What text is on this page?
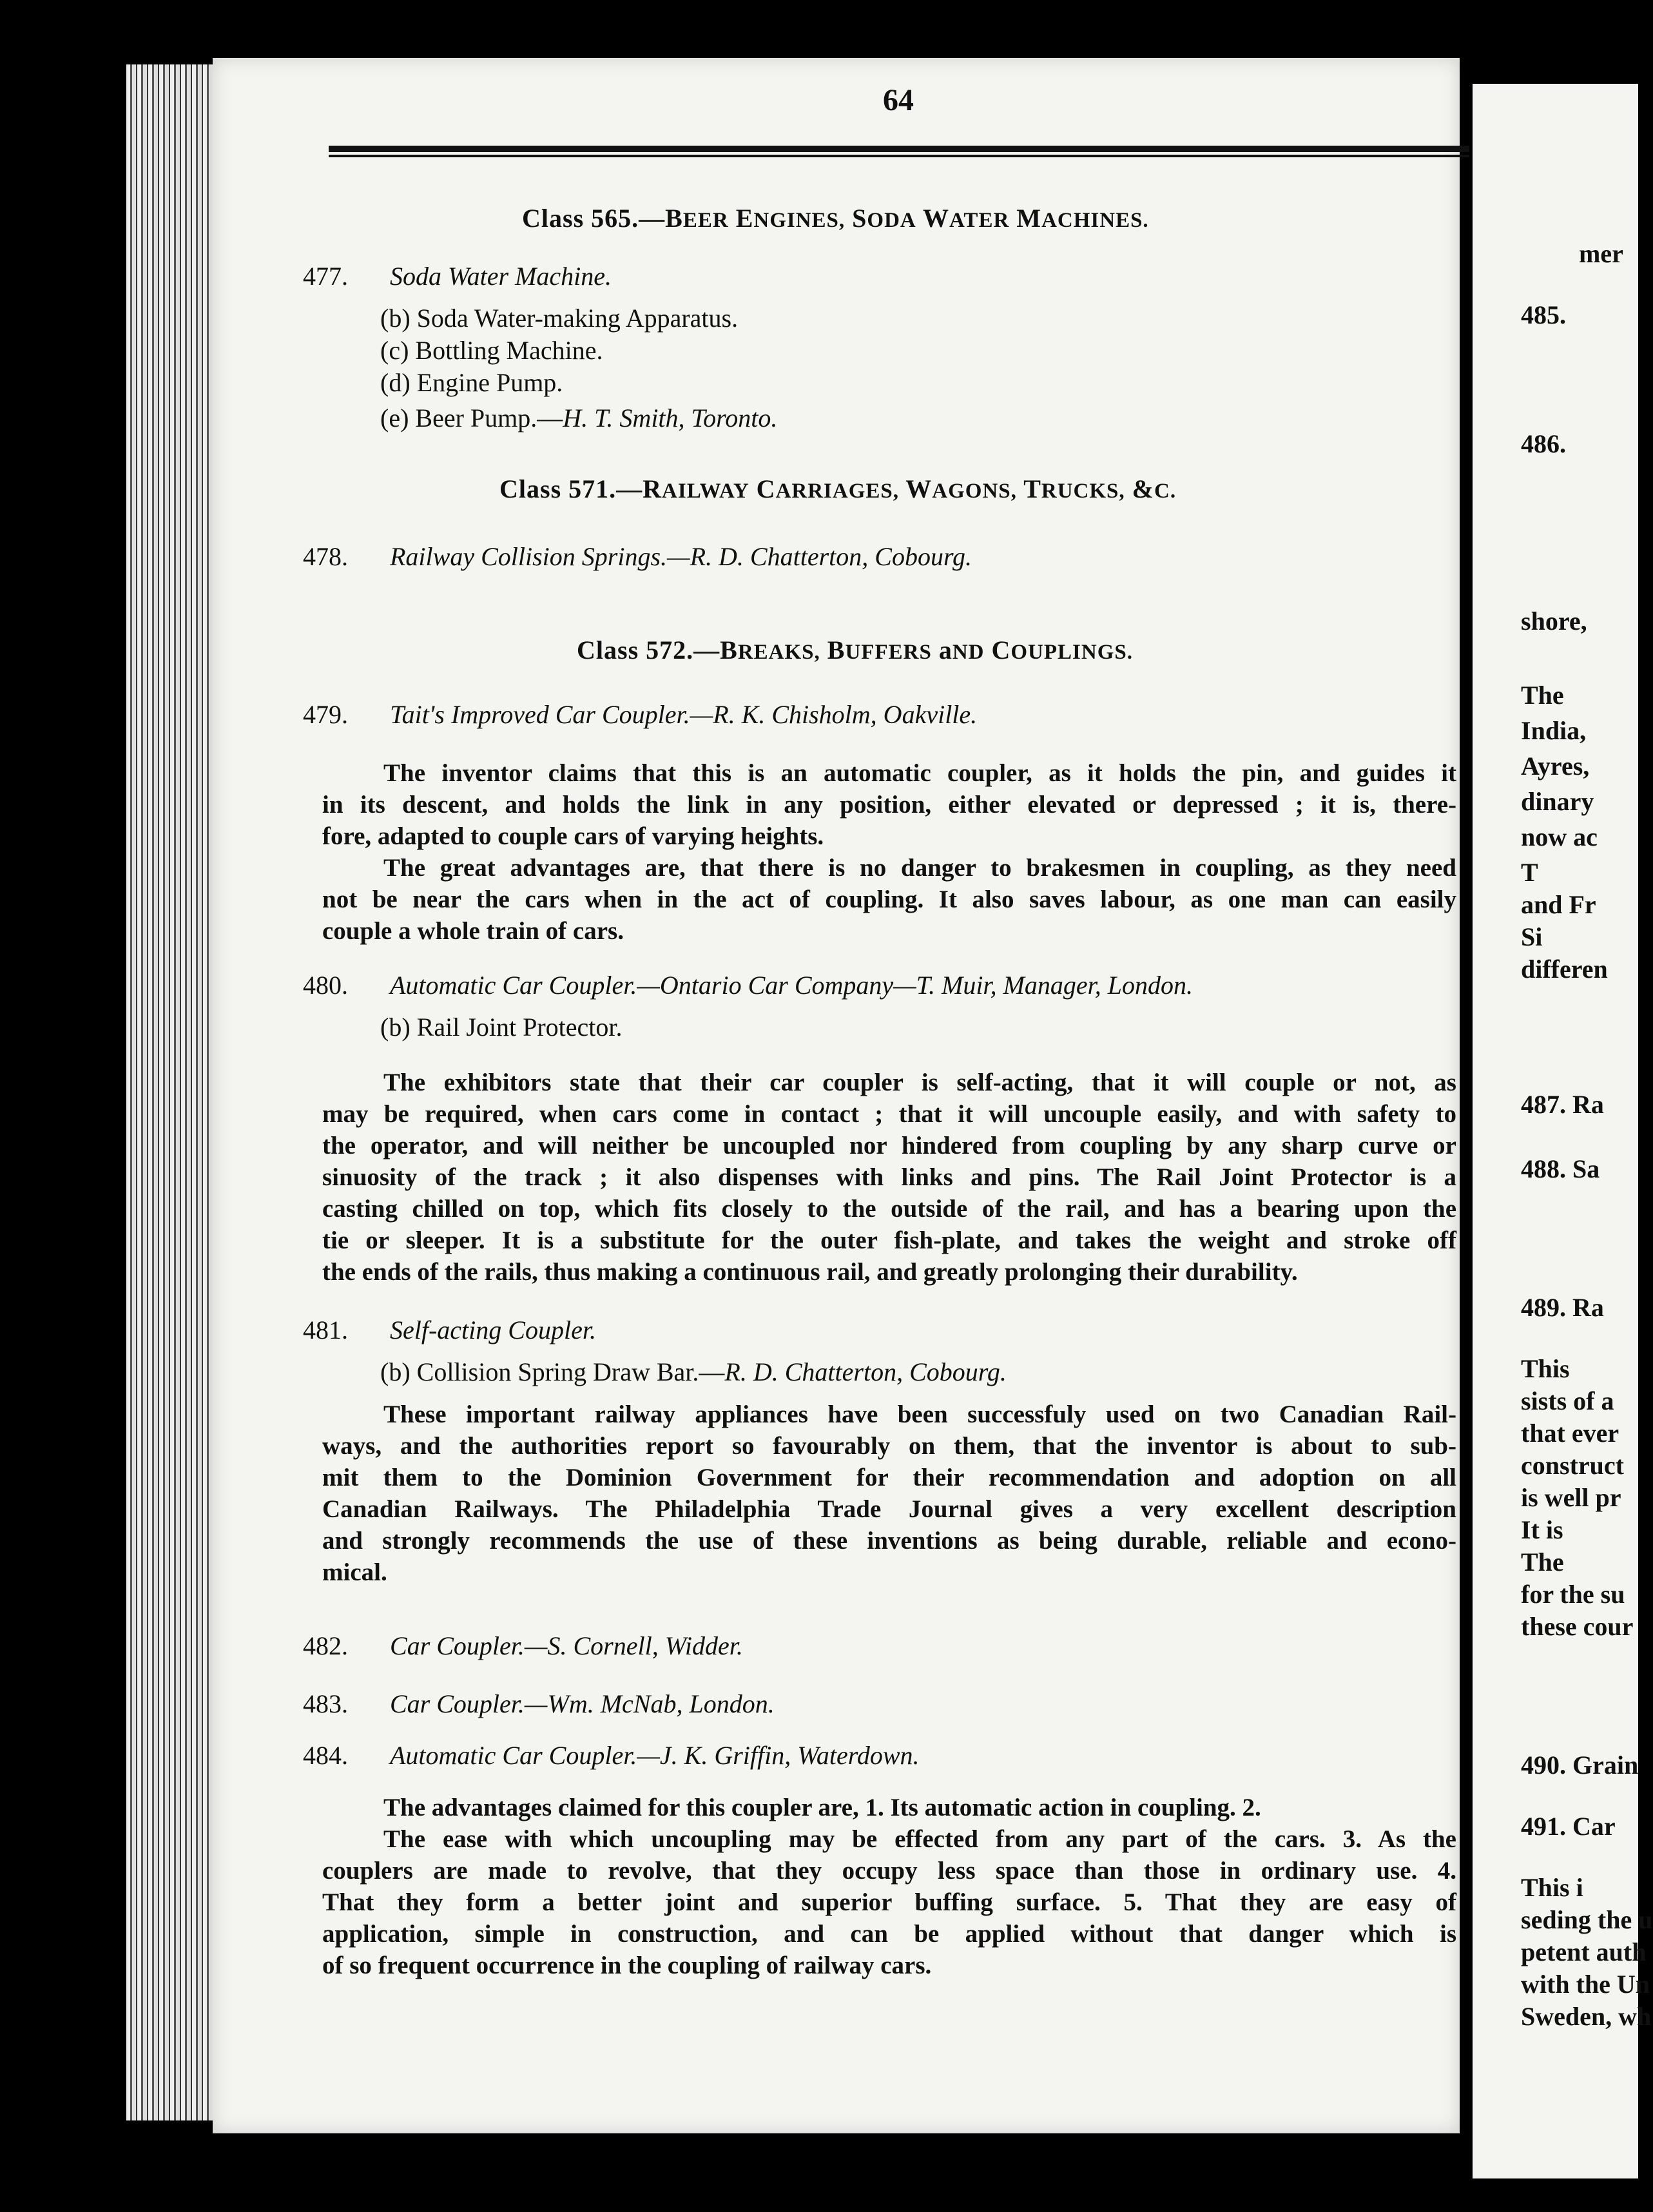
64
Class 565.—BEER ENGINES, SODA WATER MACHINES.
477. Soda Water Machine.
(b) Soda Water-making Apparatus.
(c) Bottling Machine.
(d) Engine Pump.
(e) Beer Pump.—H. T. Smith, Toronto.
Class 571.—RAILWAY CARRIAGES, WAGONS, TRUCKS, &C.
478. Railway Collision Springs.—R. D. Chatterton, Cobourg.
Class 572.—BREAKS, BUFFERS aND COUPLINGS.
479. Tait's Improved Car Coupler.—R. K. Chisholm, Oakville.
The inventor claims that this is an automatic coupler, as it holds the pin, and guides it
in its descent, and holds the link in any position, either elevated or depressed ; it is, there-
fore, adapted to couple cars of varying heights.
The great advantages are, that there is no danger to brakesmen in coupling, as they need
not be near the cars when in the act of coupling. It also saves labour, as one man can easily
couple a whole train of cars.
480. Automatic Car Coupler.—Ontario Car Company—T. Muir, Manager, London.
(b) Rail Joint Protector.
The exhibitors state that their car coupler is self-acting, that it will couple or not, as
may be required, when cars come in contact ; that it will uncouple easily, and with safety to
the operator, and will neither be uncoupled nor hindered from coupling by any sharp curve or
sinuosity of the track ; it also dispenses with links and pins. The Rail Joint Protector is a
casting chilled on top, which fits closely to the outside of the rail, and has a bearing upon the
tie or sleeper. It is a substitute for the outer fish-plate, and takes the weight and stroke off
the ends of the rails, thus making a continuous rail, and greatly prolonging their durability.
481. Self-acting Coupler.
(b) Collision Spring Draw Bar.—R. D. Chatterton, Cobourg.
These important railway appliances have been successfuly used on two Canadian Rail-
ways, and the authorities report so favourably on them, that the inventor is about to sub-
mit them to the Dominion Government for their recommendation and adoption on all
Canadian Railways. The Philadelphia Trade Journal gives a very excellent description
and strongly recommends the use of these inventions as being durable, reliable and econo-
mical.
482. Car Coupler.—S. Cornell, Widder.
483. Car Coupler.—Wm. McNab, London.
484. Automatic Car Coupler.—J. K. Griffin, Waterdown.
The advantages claimed for this coupler are, 1. Its automatic action in coupling. 2.
The ease with which uncoupling may be effected from any part of the cars. 3. As the
couplers are made to revolve, that they occupy less space than those in ordinary use. 4.
That they form a better joint and superior buffing surface. 5. That they are easy of
application, simple in construction, and can be applied without that danger which is
of so frequent occurrence in the coupling of railway cars.
mer
485.
486.
shore,
The
India,
Ayres,
dinary
now ac
T
and Fr
Si
differen
487. Ra
488. Sa
489. Ra
This
sists of a
that ever
construct
is well pr
It is
The
for the su
these cour
490. Grain
491. Car
This i
seding the u
petent auth
with the Un
Sweden, wh
